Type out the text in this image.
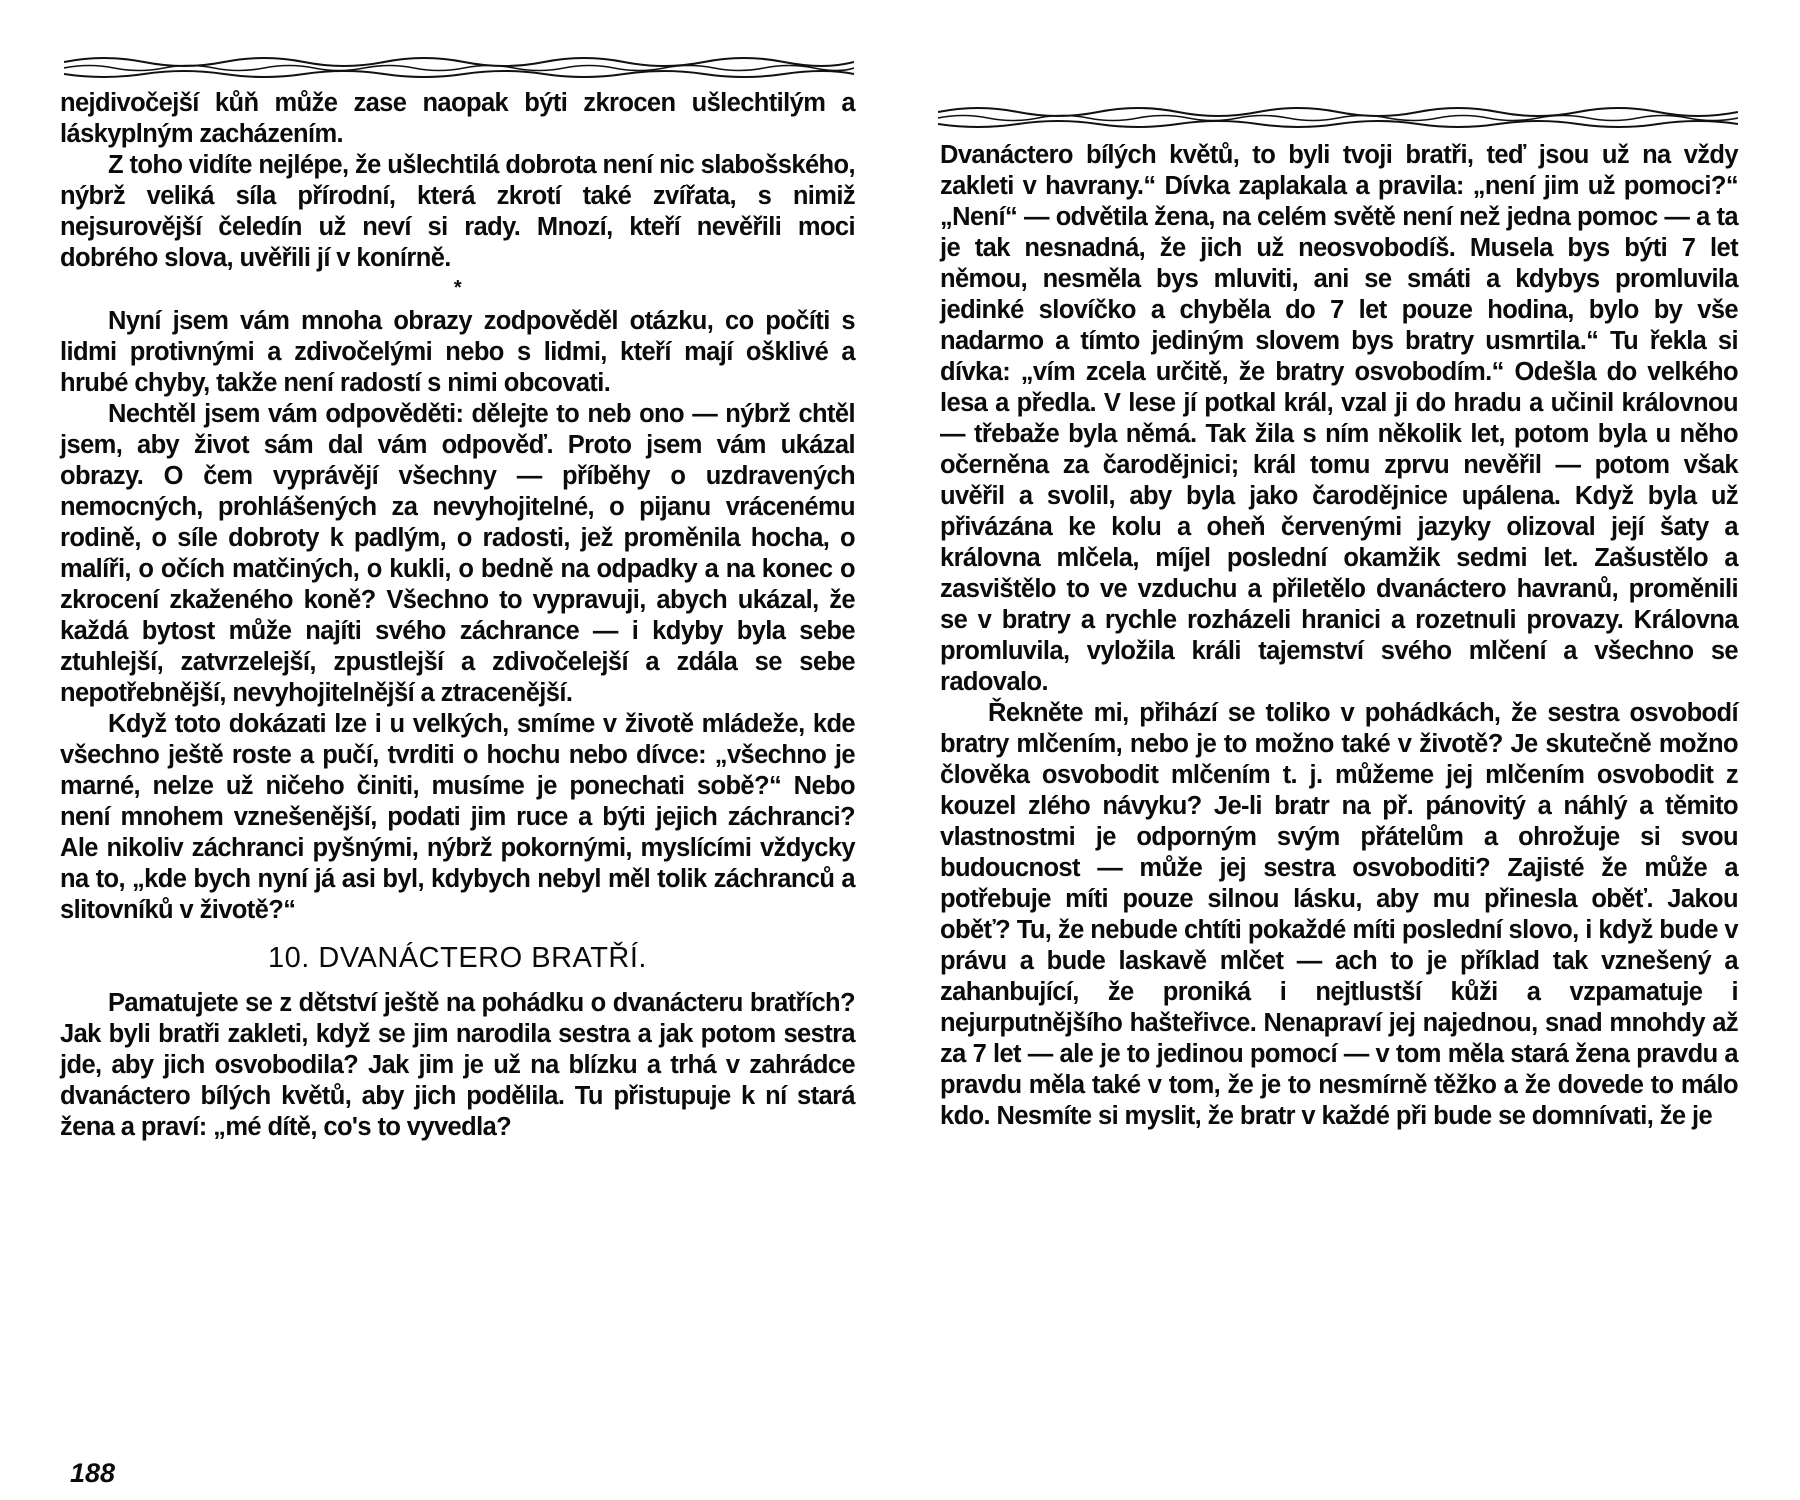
nejdivočejší kůň může zase naopak býti zkrocen ušlechtilým a láskyplným zacházením.

Z toho vidíte nejlépe, že ušlechtilá dobrota není nic slabošského, nýbrž veliká síla přírodní, která zkrotí také zvířata, s nimiž nejsurovější čeledín už neví si rady. Mnozí, kteří nevěřili moci dobrého slova, uvěřili jí v konírně.

*

Nyní jsem vám mnoha obrazy zodpověděl otázku, co počíti s lidmi protivnými a zdivočelými nebo s lidmi, kteří mají ošklivé a hrubé chyby, takže není radostí s nimi obcovati.

Nechtěl jsem vám odpověděti: dělejte to neb ono — nýbrž chtěl jsem, aby život sám dal vám odpověď. Proto jsem vám ukázal obrazy. O čem vyprávějí všechny — příběhy o uzdravených nemocných, prohlášených za nevyhojitelné, o pijanu vrácenému rodině, o síle dobroty k padlým, o radosti, jež proměnila hocha, o malíři, o očích matčiných, o kukli, o bedně na odpadky a na konec o zkrocení zkaženého koně? Všechno to vypravuji, abych ukázal, že každá bytost může najíti svého záchrance — i kdyby byla sebe ztuhlejší, zatvrzelejší, zpustlejší a zdivočelejší a zdála se sebe nepotřebnější, nevyhojitelnější a ztracenější.

Když toto dokázati lze i u velkých, smíme v životě mládeže, kde všechno ještě roste a pučí, tvrditi o hochu nebo dívce: „všechno je marné, nelze už ničeho činiti, musíme je ponechati sobě?“ Nebo není mnohem vznešenější, podati jim ruce a býti jejich záchranci? Ale nikoliv záchranci pyšnými, nýbrž pokornými, myslícími vždycky na to, „kde bych nyní já asi byl, kdybych nebyl měl tolik záchranců a slitovníků v životě?“

10. DVANÁCTERO BRATŘÍ.

Pamatujete se z dětství ještě na pohádku o dvanácteru bratřích? Jak byli bratři zakleti, když se jim narodila sestra a jak potom sestra jde, aby jich osvobodila? Jak jim je už na blízku a trhá v zahrádce dvanáctero bílých květů, aby jich podělila. Tu přistupuje k ní stará žena a praví: „mé dítě, co's to vyvedla?

188

Dvanáctero bílých květů, to byli tvoji bratři, teď jsou už na vždy zakleti v havrany.“ Dívka zaplakala a pravila: „není jim už pomoci?“ „Není“ — odvětila žena, na celém světě není než jedna pomoc — a ta je tak nesnadná, že jich už neosvobodíš. Musela bys býti 7 let němou, nesměla bys mluviti, ani se smáti a kdybys promluvila jedinké slovíčko a chyběla do 7 let pouze hodina, bylo by vše nadarmo a tímto jediným slovem bys bratry usmrtila.“ Tu řekla si dívka: „vím zcela určitě, že bratry osvobodím.“ Odešla do velkého lesa a předla. V lese jí potkal král, vzal ji do hradu a učinil královnou — třebaže byla němá. Tak žila s ním několik let, potom byla u něho očerněna za čarodějnici; král tomu zprvu nevěřil — potom však uvěřil a svolil, aby byla jako čarodějnice upálena. Když byla už přivázána ke kolu a oheň červenými jazyky olizoval její šaty a královna mlčela, míjel poslední okamžik sedmi let. Zašustělo a zasvištělo to ve vzduchu a přiletělo dvanáctero havranů, proměnili se v bratry a rychle rozházeli hranici a rozetnuli provazy. Královna promluvila, vyložila králi tajemství svého mlčení a všechno se radovalo.

Řekněte mi, přihází se toliko v pohádkách, že sestra osvobodí bratry mlčením, nebo je to možno také v životě? Je skutečně možno člověka osvobodit mlčením t. j. můžeme jej mlčením osvobodit z kouzel zlého návyku? Je-li bratr na př. pánovitý a náhlý a těmito vlastnostmi je odporným svým přátelům a ohrožuje si svou budoucnost — může jej sestra osvoboditi? Zajisté že může a potřebuje míti pouze silnou lásku, aby mu přinesla oběť. Jakou oběť? Tu, že nebude chtíti pokaždé míti poslední slovo, i když bude v právu a bude laskavě mlčet — ach to je příklad tak vznešený a zahanbující, že proniká i nejtlustší kůži a vzpamatuje i nejurputnějšího hašteřivce. Nenapraví jej najednou, snad mnohdy až za 7 let — ale je to jedinou pomocí — v tom měla stará žena pravdu a pravdu měla také v tom, že je to nesmírně těžko a že dovede to málo kdo. Nesmíte si myslit, že bratr v každé při bude se domnívati, že je
